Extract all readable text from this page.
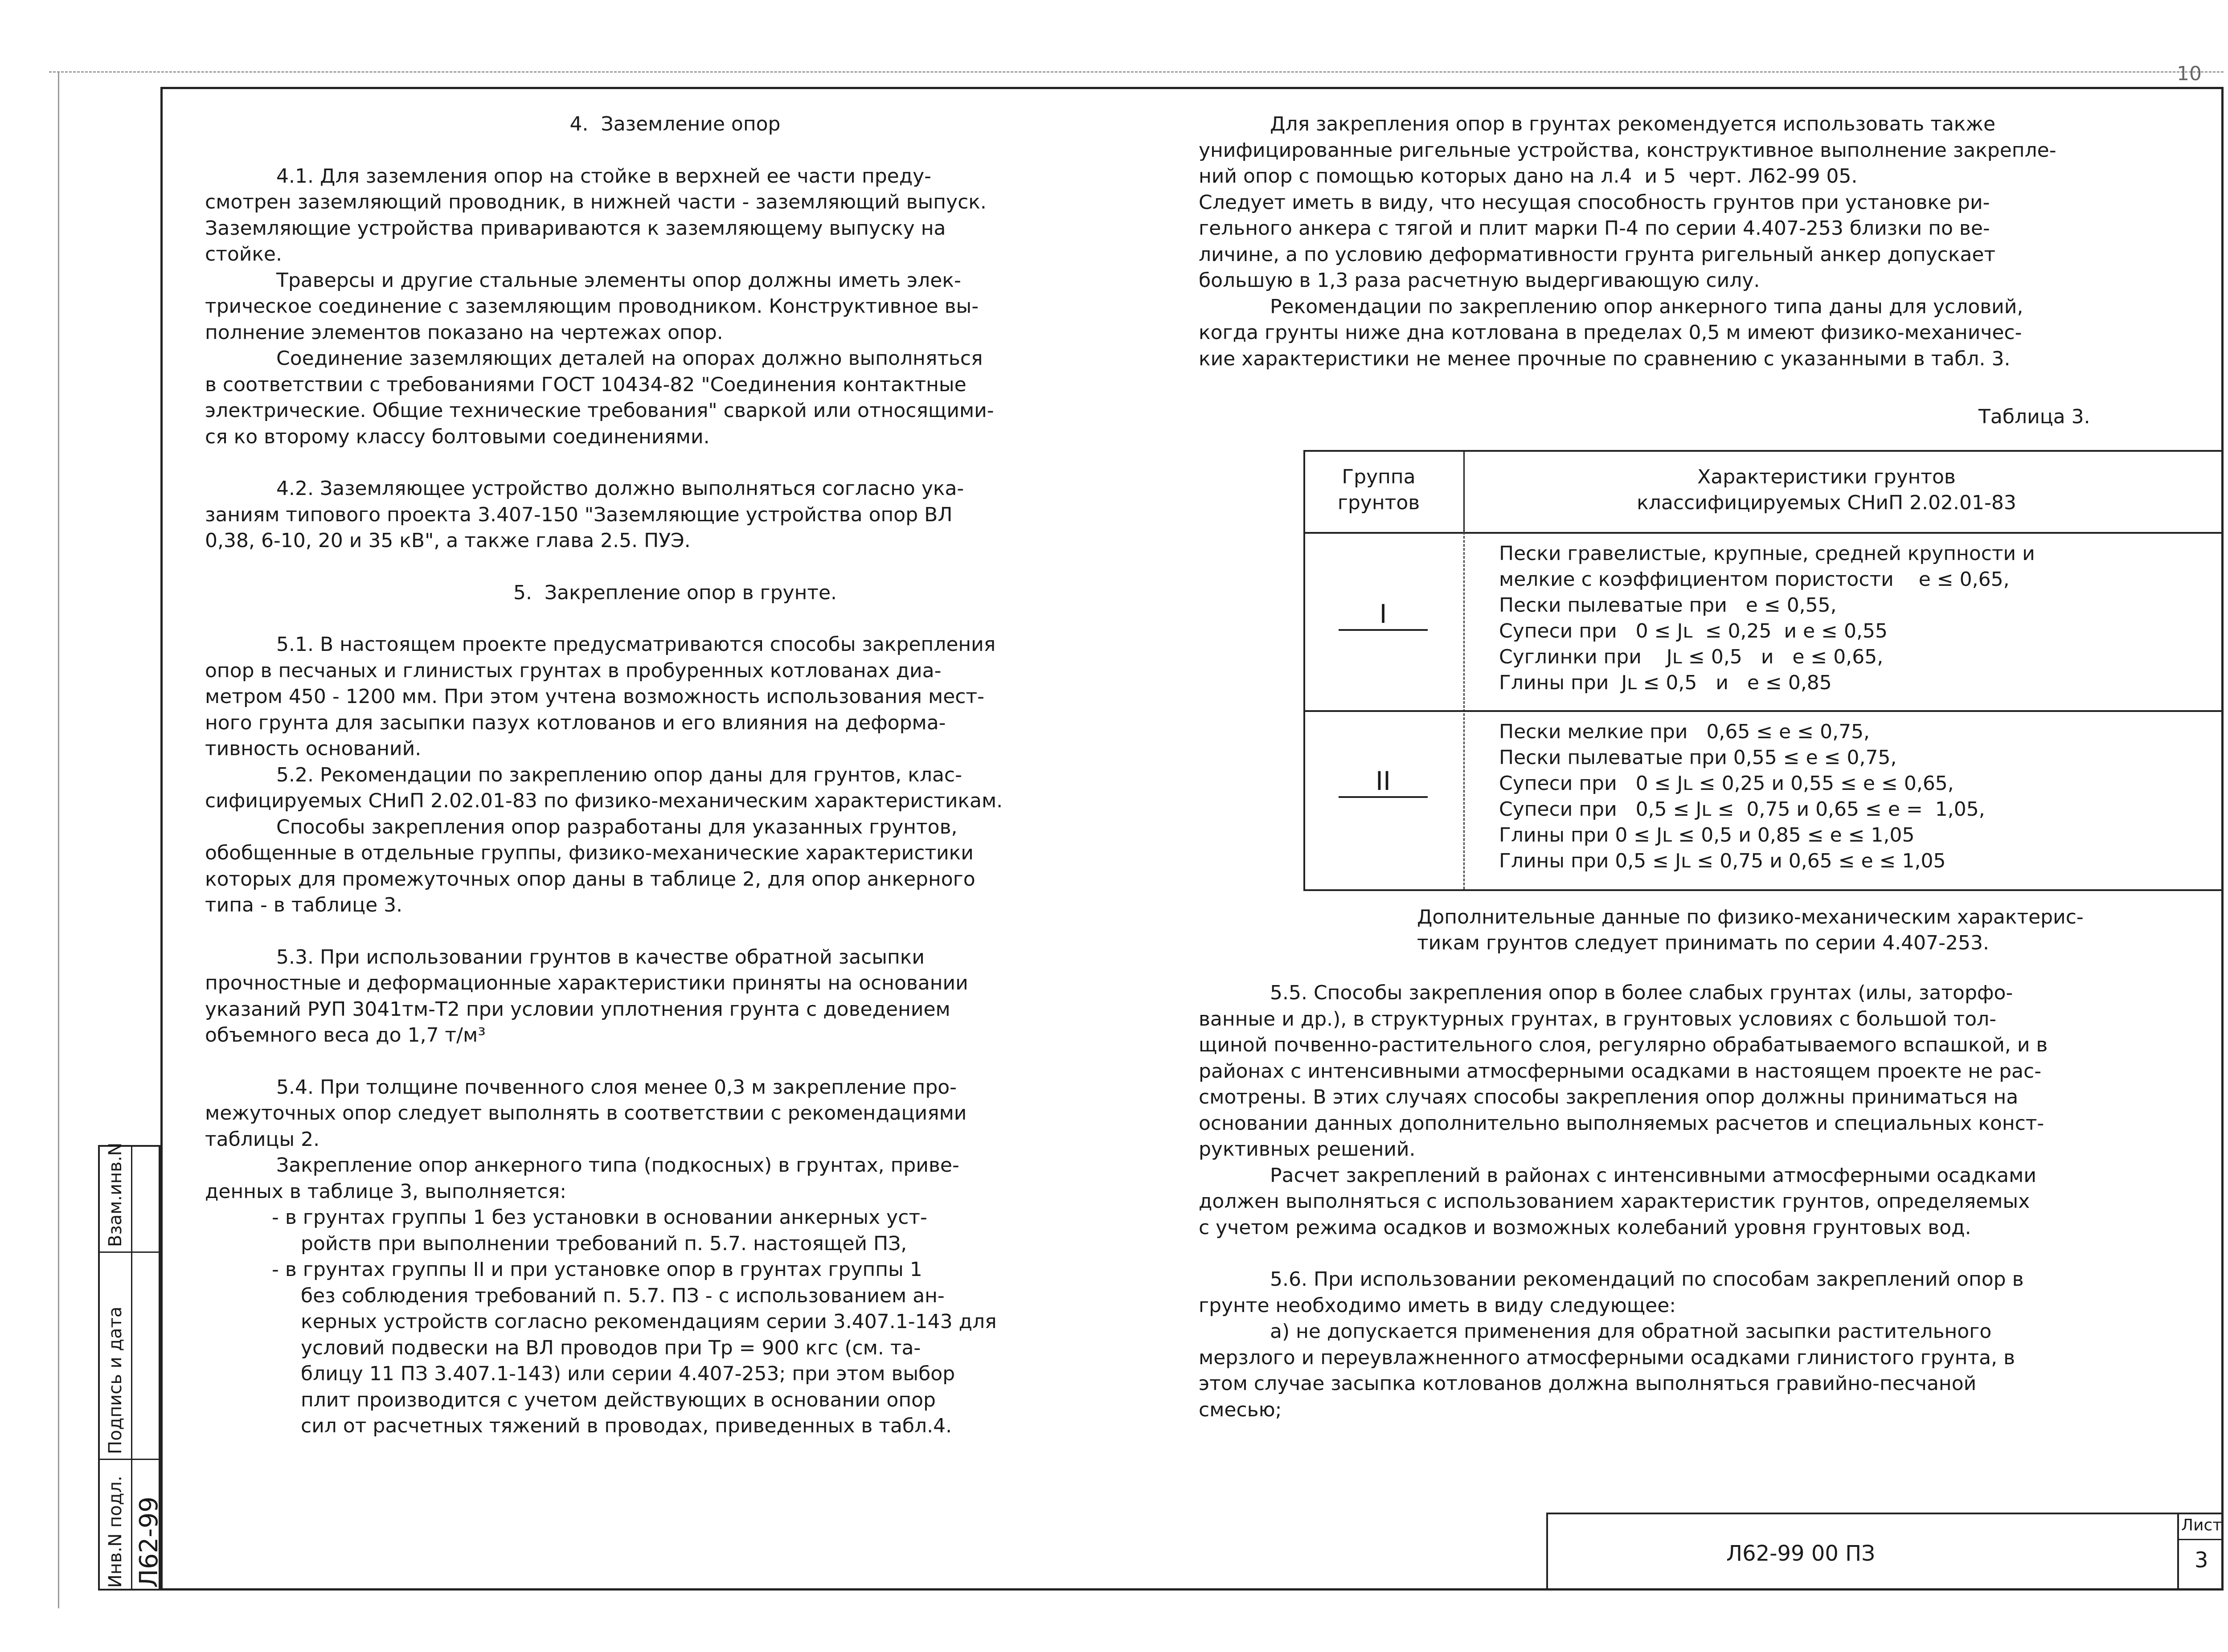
10

4.  Заземление опор

4.1. Для заземления опор на стойке в верхней ее части преду-
смотрен заземляющий проводник, в нижней части - заземляющий выпуск.
Заземляющие устройства привариваются к заземляющему выпуску на
стойке.

Траверсы и другие стальные элементы опор должны иметь элек-
трическое соединение с заземляющим проводником. Конструктивное вы-
полнение элементов показано на чертежах опор.

Соединение заземляющих деталей на опорах должно выполняться
в соответствии с требованиями ГОСТ 10434-82 "Соединения контактные
электрические. Общие технические требования" сваркой или относящими-
ся ко второму классу болтовыми соединениями.

4.2. Заземляющее устройство должно выполняться согласно ука-
заниям типового проекта 3.407-150 "Заземляющие устройства опор ВЛ
0,38, 6-10, 20 и 35 кВ", а также глава 2.5. ПУЭ.

5.  Закрепление опор в грунте.

5.1. В настоящем проекте предусматриваются способы закрепления
опор в песчаных и глинистых грунтах в пробуренных котлованах диа-
метром 450 - 1200 мм. При этом учтена возможность использования мест-
ного грунта для засыпки пазух котлованов и его влияния на деформа-
тивность оснований.

5.2. Рекомендации по закреплению опор даны для грунтов, клас-
сифицируемых СНиП 2.02.01-83 по физико-механическим характеристикам.

Способы закрепления опор разработаны для указанных грунтов,
обобщенные в отдельные группы, физико-механические характеристики
которых для промежуточных опор даны в таблице 2, для опор анкерного
типа - в таблице 3.

5.3. При использовании грунтов в качестве обратной засыпки
прочностные и деформационные характеристики приняты на основании
указаний РУП 3041тм-Т2 при условии уплотнения грунта с доведением
объемного веса до 1,7 т/м³

5.4. При толщине почвенного слоя менее 0,3 м закрепление про-
межуточных опор следует выполнять в соответствии с рекомендациями
таблицы 2.

Закрепление опор анкерного типа (подкосных) в грунтах, приве-
денных в таблице 3, выполняется:

- в грунтах группы 1 без установки в основании анкерных уст-
ройств при выполнении требований п. 5.7. настоящей ПЗ,

- в грунтах группы II и при установке опор в грунтах группы 1
без соблюдения требований п. 5.7. ПЗ - с использованием ан-
керных устройств согласно рекомендациям серии 3.407.1-143 для
условий подвески на ВЛ проводов при Тр = 900 кгс (см. та-
блицу 11 ПЗ 3.407.1-143) или серии 4.407-253; при этом выбор
плит производится с учетом действующих в основании опор
сил от расчетных тяжений в проводах, приведенных в табл.4.

Для закрепления опор в грунтах рекомендуется использовать также
унифицированные ригельные устройства, конструктивное выполнение закрепле-
ний опор с помощью которых дано на л.4  и 5  черт. Л62-99 05.
Следует иметь в виду, что несущая способность грунтов при установке ри-
гельного анкера с тягой и плит марки П-4 по серии 4.407-253 близки по ве-
личине, а по условию деформативности грунта ригельный анкер допускает
большую в 1,3 раза расчетную выдергивающую силу.

Рекомендации по закреплению опор анкерного типа даны для условий,
когда грунты ниже дна котлована в пределах 0,5 м имеют физико-механичес-
кие характеристики не менее прочные по сравнению с указанными в табл. 3.

Таблица 3.
Группа
грунтов
Характеристики грунтов
классифицируемых СНиП 2.02.01-83
I
Пески гравелистые, крупные, средней крупности и
мелкие с коэффициентом пористости    e ≤ 0,65,
Пески пылеватые при   e ≤ 0,55,
Супеси при   0 ≤ Jʟ  ≤ 0,25  и e ≤ 0,55
Суглинки при    Jʟ ≤ 0,5   и   e ≤ 0,65,
Глины при  Jʟ ≤ 0,5   и   e ≤ 0,85
II
Пески мелкие при   0,65 ≤ e ≤ 0,75,
Пески пылеватые при 0,55 ≤ e ≤ 0,75,
Супеси при   0 ≤ Jʟ ≤ 0,25 и 0,55 ≤ e ≤ 0,65,
Супеси при   0,5 ≤ Jʟ ≤  0,75 и 0,65 ≤ e =  1,05,
Глины при 0 ≤ Jʟ ≤ 0,5 и 0,85 ≤ e ≤ 1,05
Глины при 0,5 ≤ Jʟ ≤ 0,75 и 0,65 ≤ e ≤ 1,05
Дополнительные данные по физико-механическим характерис-
тикам грунтов следует принимать по серии 4.407-253.

5.5. Способы закрепления опор в более слабых грунтах (илы, заторфо-
ванные и др.), в структурных грунтах, в грунтовых условиях с большой тол-
щиной почвенно-растительного слоя, регулярно обрабатываемого вспашкой, и в
районах с интенсивными атмосферными осадками в настоящем проекте не рас-
смотрены. В этих случаях способы закрепления опор должны приниматься на
основании данных дополнительно выполняемых расчетов и специальных конст-
руктивных решений.

Расчет закреплений в районах с интенсивными атмосферными осадками
должен выполняться с использованием характеристик грунтов, определяемых
с учетом режима осадков и возможных колебаний уровня грунтовых вод.

5.6. При использовании рекомендаций по способам закреплений опор в
грунте необходимо иметь в виду следующее:

а) не допускается применения для обратной засыпки растительного
мерзлого и переувлажненного атмосферными осадками глинистого грунта, в
этом случае засыпка котлованов должна выполняться гравийно-песчаной
смесью;

Взам.инв.N
Подпись и дата
Инв.N подл. Л62-99	Л62-99 00 ПЗ
Лист
3
